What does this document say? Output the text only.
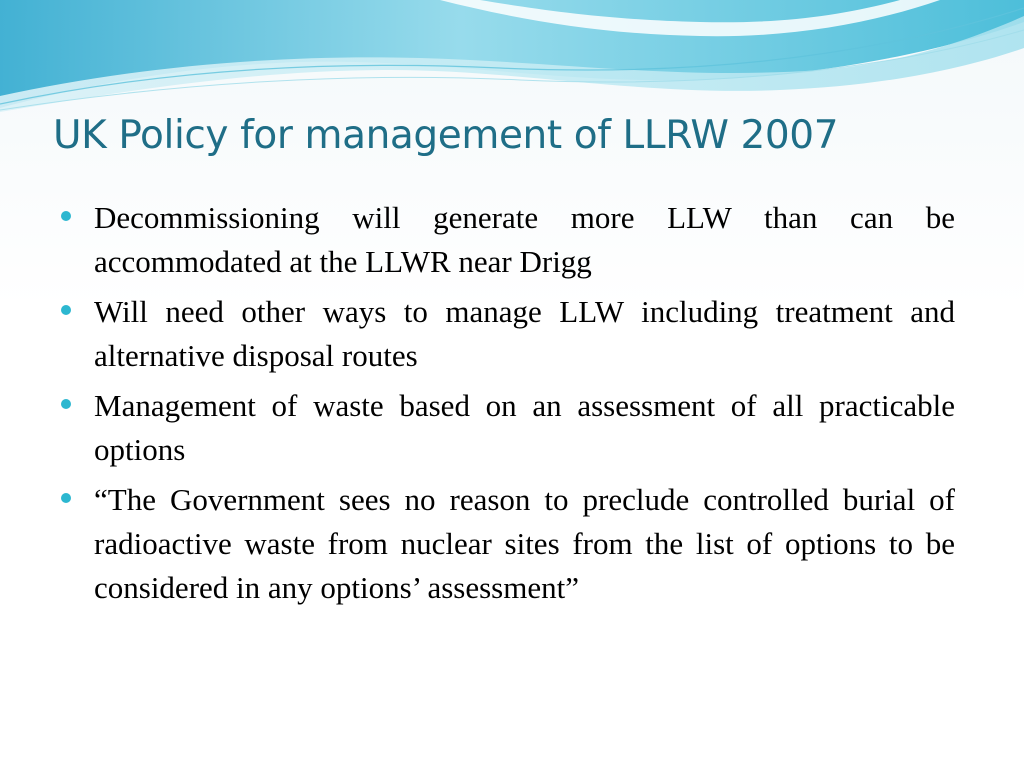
UK Policy for management of LLRW 2007
Decommissioning will generate more LLW than can be accommodated at the LLWR near Drigg
Will need other ways to manage LLW including treatment and alternative disposal routes
Management of waste based on an assessment of all practicable options
“The Government sees no reason to preclude controlled burial of radioactive waste from nuclear sites from the list of options to be considered in any options’ assessment”
